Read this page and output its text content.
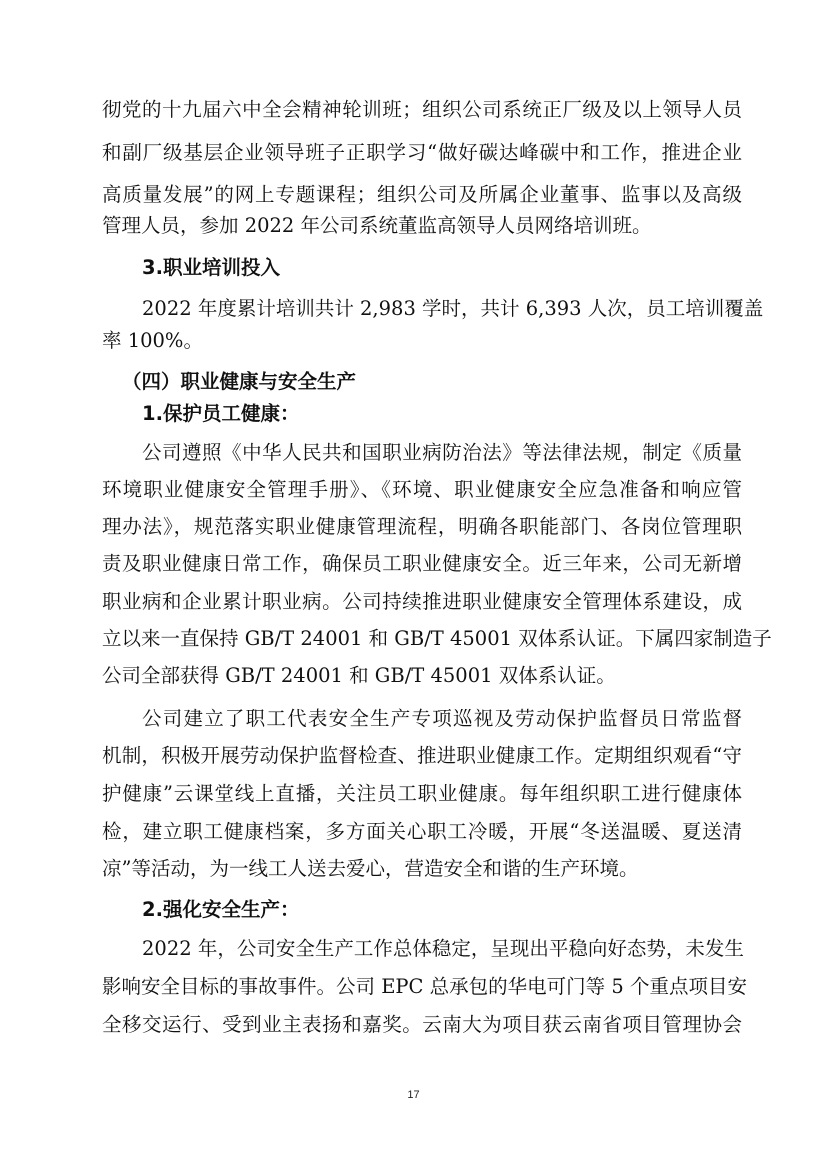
彻党的十九届六中全会精神轮训班；组织公司系统正厂级及以上领导人员
和副厂级基层企业领导班子正职学习“做好碳达峰碳中和工作，推进企业
高质量发展”的网上专题课程；组织公司及所属企业董事、监事以及高级
管理人员，参加 2022 年公司系统董监高领导人员网络培训班。
3.职业培训投入
2022 年度累计培训共计 2,983 学时，共计 6,393 人次，员工培训覆盖
率 100%。
（四）职业健康与安全生产
1.保护员工健康：
公司遵照《中华人民共和国职业病防治法》等法律法规，制定《质量
环境职业健康安全管理手册》、《环境、职业健康安全应急准备和响应管
理办法》，规范落实职业健康管理流程，明确各职能部门、各岗位管理职
责及职业健康日常工作，确保员工职业健康安全。近三年来，公司无新增
职业病和企业累计职业病。公司持续推进职业健康安全管理体系建设，成
立以来一直保持 GB/T 24001 和 GB/T 45001 双体系认证。下属四家制造子
公司全部获得 GB/T 24001 和 GB/T 45001 双体系认证。
公司建立了职工代表安全生产专项巡视及劳动保护监督员日常监督
机制，积极开展劳动保护监督检查、推进职业健康工作。定期组织观看“守
护健康”云课堂线上直播，关注员工职业健康。每年组织职工进行健康体
检，建立职工健康档案，多方面关心职工冷暖，开展“冬送温暖、夏送清
凉”等活动，为一线工人送去爱心，营造安全和谐的生产环境。
2.强化安全生产：
2022 年，公司安全生产工作总体稳定，呈现出平稳向好态势，未发生
影响安全目标的事故事件。公司 EPC 总承包的华电可门等 5 个重点项目安
全移交运行、受到业主表扬和嘉奖。云南大为项目获云南省项目管理协会
17
